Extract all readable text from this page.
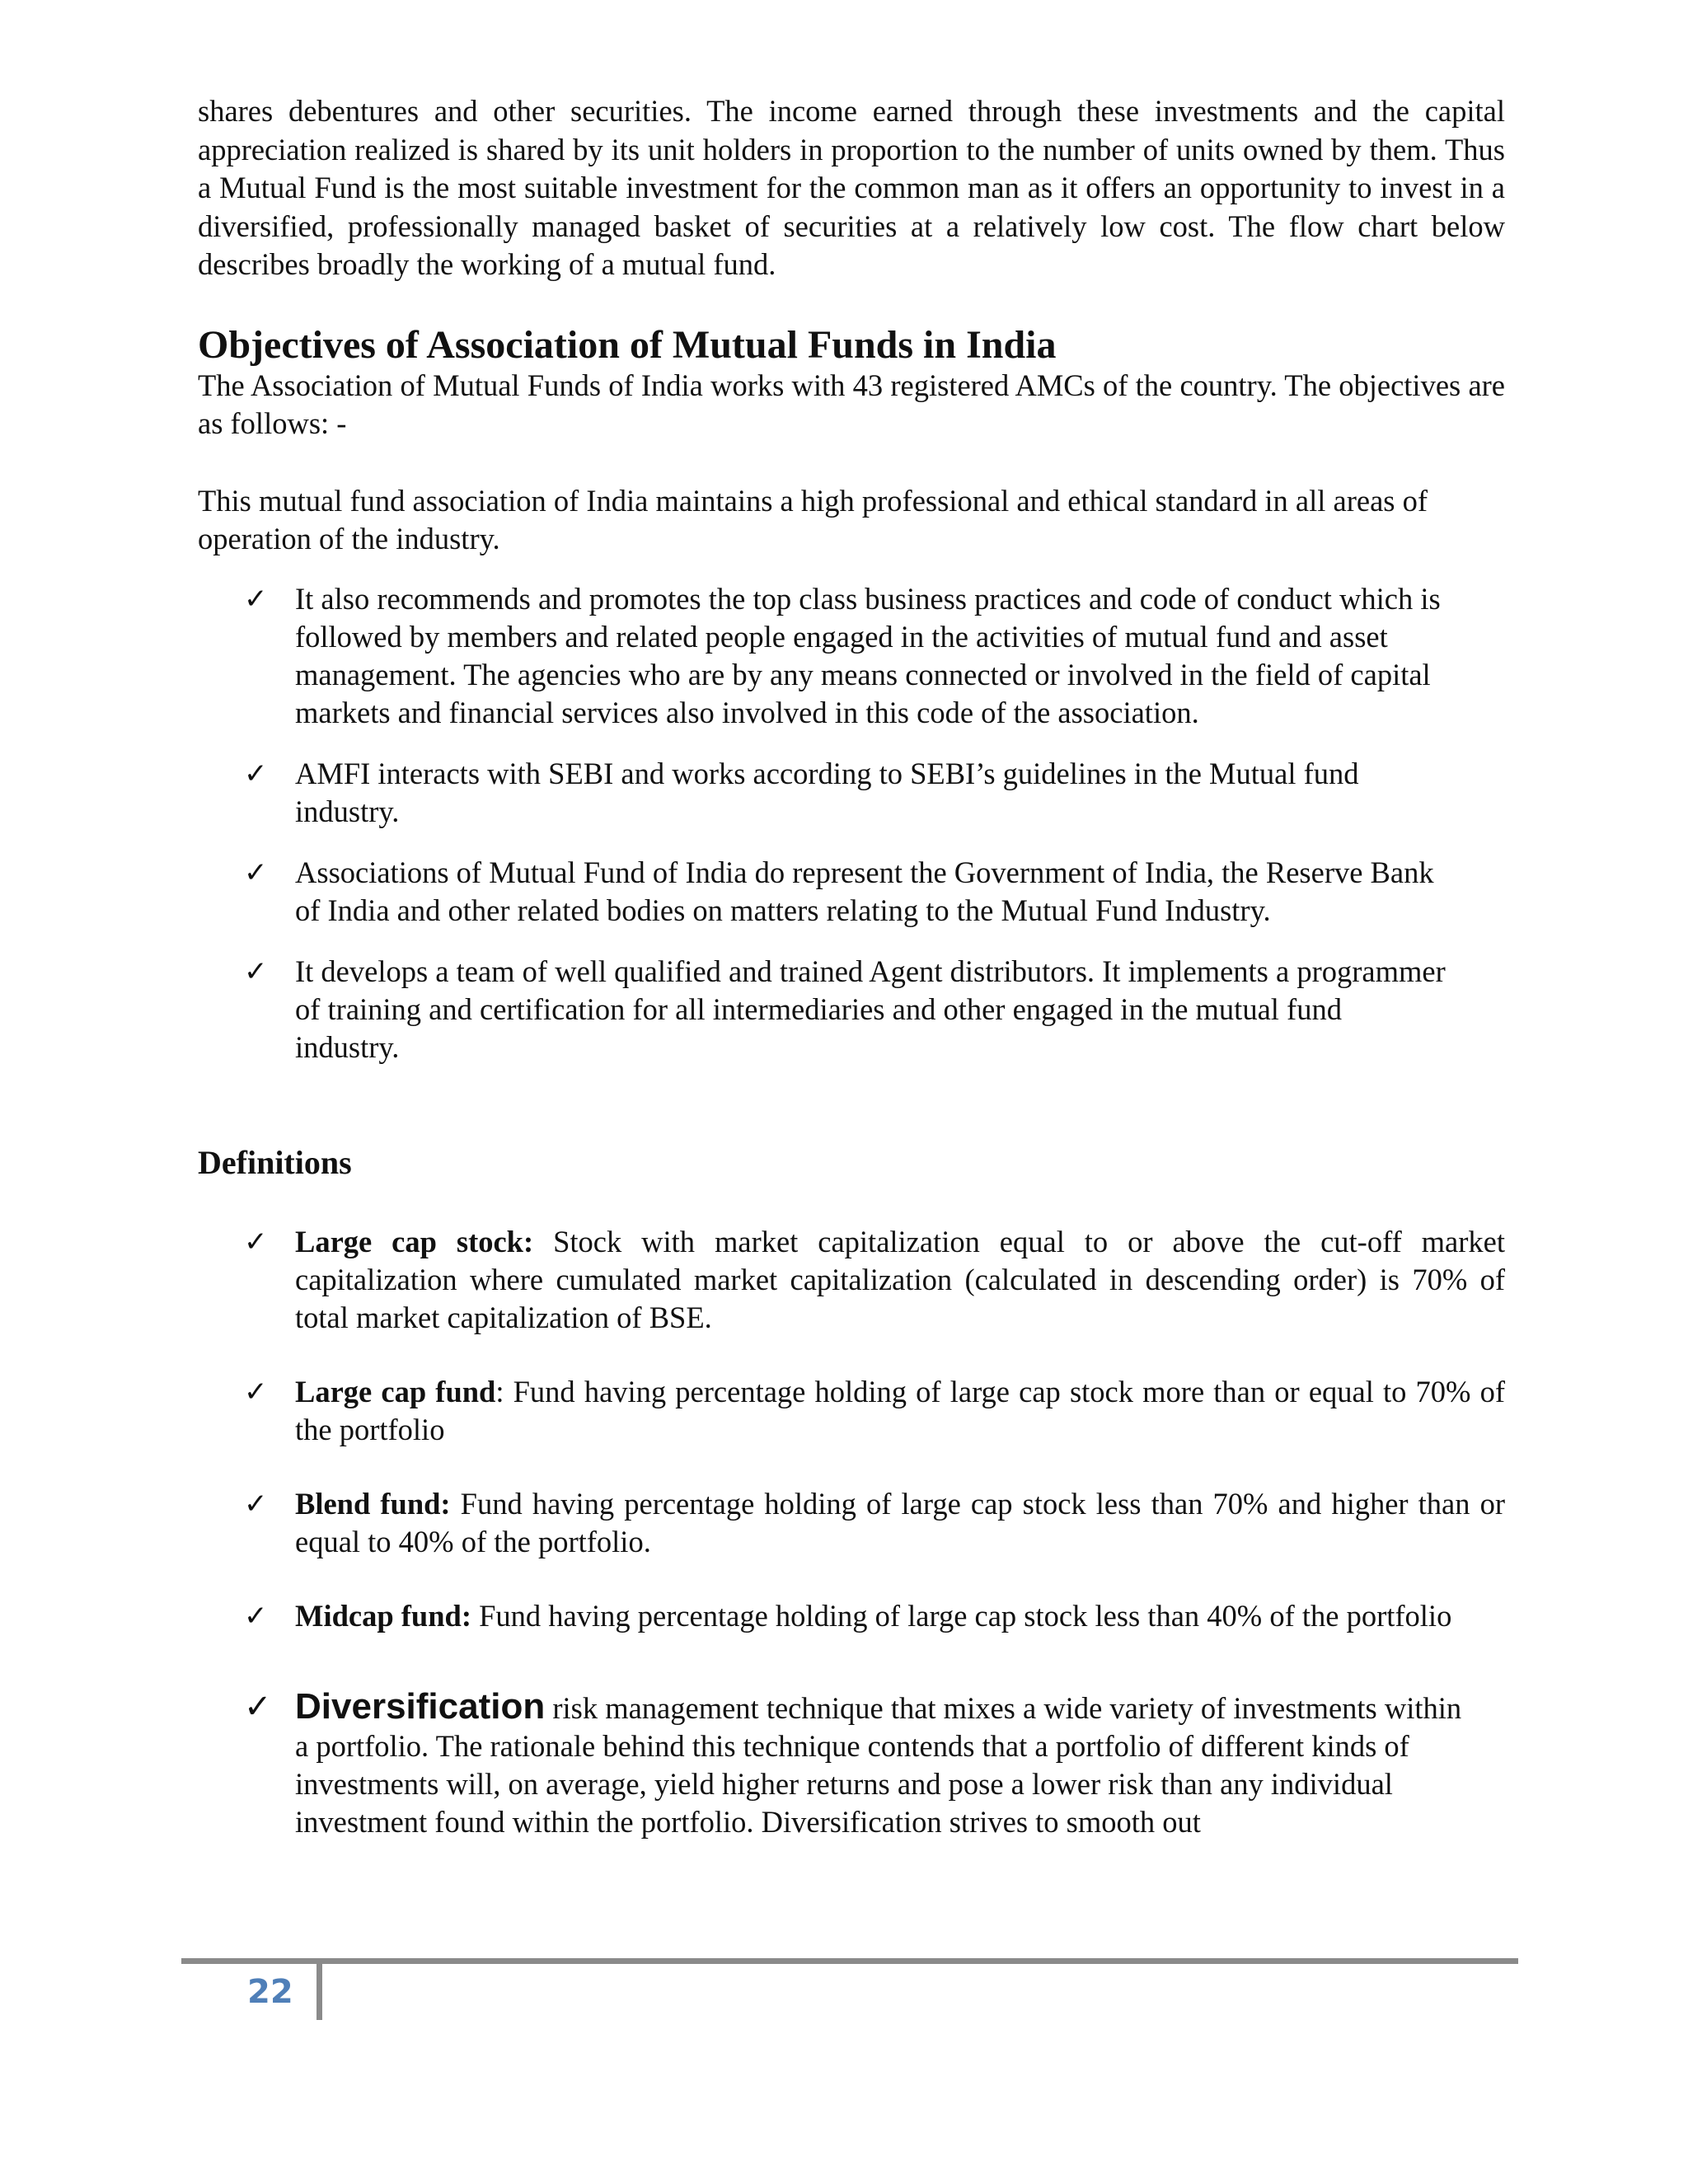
shares debentures and other securities. The income earned through these investments and the capital appreciation realized is shared by its unit holders in proportion to the number of units owned by them. Thus a Mutual Fund is the most suitable investment for the common man as it offers an opportunity to invest in a diversified, professionally managed basket of securities at a relatively low cost. The flow chart below describes broadly the working of a mutual fund.

Objectives of Association of Mutual Funds in India

The Association of Mutual Funds of India works with 43 registered AMCs of the country. The objectives are as follows: -

This mutual fund association of India maintains a high professional and ethical standard in all areas of operation of the industry.

✓ It also recommends and promotes the top class business practices and code of conduct which is followed by members and related people engaged in the activities of mutual fund and asset management. The agencies who are by any means connected or involved in the field of capital markets and financial services also involved in this code of the association.
✓ AMFI interacts with SEBI and works according to SEBI’s guidelines in the Mutual fund industry.
✓ Associations of Mutual Fund of India do represent the Government of India, the Reserve Bank of India and other related bodies on matters relating to the Mutual Fund Industry.
✓ It develops a team of well qualified and trained Agent distributors. It implements a programmer of training and certification for all intermediaries and other engaged in the mutual fund industry.
Definitions
✓ Large cap stock: Stock with market capitalization equal to or above the cut-off market capitalization where cumulated market capitalization (calculated in descending order) is 70% of total market capitalization of BSE.
✓ Large cap fund: Fund having percentage holding of large cap stock more than or equal to 70% of the portfolio
✓ Blend fund: Fund having percentage holding of large cap stock less than 70% and higher than or equal to 40% of the portfolio.
✓ Midcap fund: Fund having percentage holding of large cap stock less than 40% of the portfolio
✓ Diversification risk management technique that mixes a wide variety of investments within a portfolio. The rationale behind this technique contends that a portfolio of different kinds of investments will, on average, yield higher returns and pose a lower risk than any individual investment found within the portfolio. Diversification strives to smooth out
22
